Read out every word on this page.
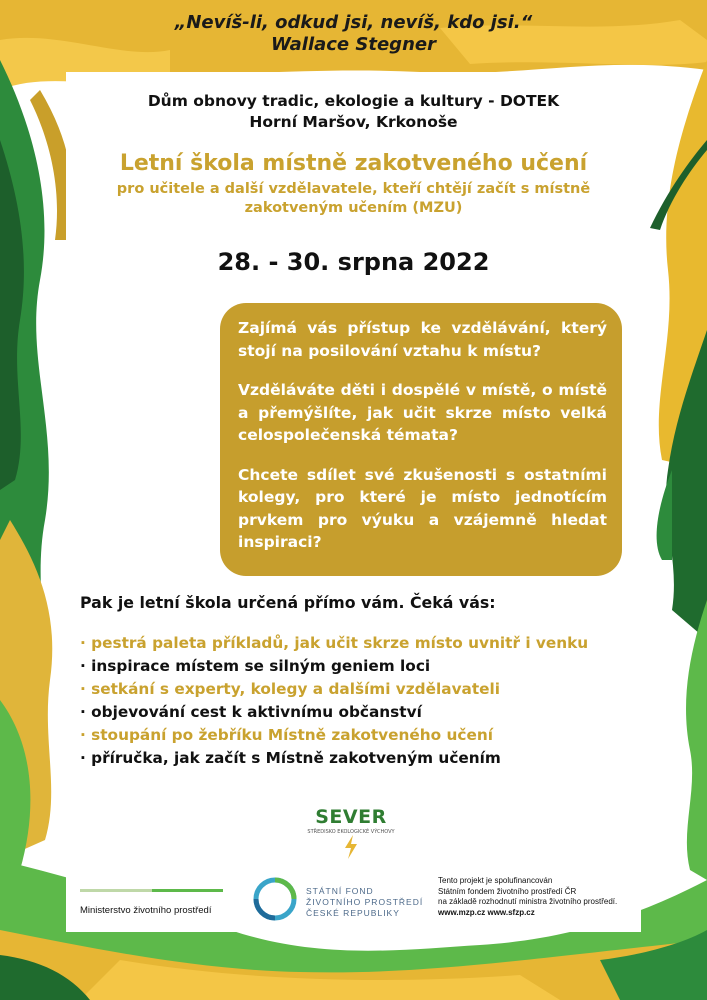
„Nevíš-li, odkud jsi, nevíš, kdo jsi.“
Wallace Stegner
Dům obnovy tradic, ekologie a kultury - DOTEK
Horní Maršov, Krkonoše
Letní škola místně zakotveného učení
pro učitele a další vzdělavatele, kteří chtějí začít s místně zakotveným učením (MZU)
28. - 30. srpna 2022

Zajímá vás přístup ke vzdělávání, který stojí na posilování vztahu k místu?

Vzděláváte děti i dospělé v místě, o místě a přemýšlíte, jak učit skrze místo velká celospolečenská témata?

Chcete sdílet své zkušenosti s ostatními kolegy, pro které je místo jednotícím prvkem pro výuku a vzájemně hledat inspiraci?

Pak je letní škola určená přímo vám. Čeká vás:
· pestrá paleta příkladů, jak učit skrze místo uvnitř i venku
· inspirace místem se silným geniem loci
· setkání s experty, kolegy a dalšími vzdělavateli
· objevování cest k aktivnímu občanství
· stoupání po žebříku Místně zakotveného učení
· příručka, jak začít s Místně zakotveným učením
SEVER
STŘEDISKO EKOLOGICKÉ VÝCHOVY
Ministerstvo životního prostředí
STÁTNÍ FOND
ŽIVOTNÍHO PROSTŘEDÍ
ČESKÉ REPUBLIKY
Tento projekt je spolufinancován
Státním fondem životního prostředí ČR
na základě rozhodnutí ministra životního prostředí.
www.mzp.cz www.sfzp.cz
